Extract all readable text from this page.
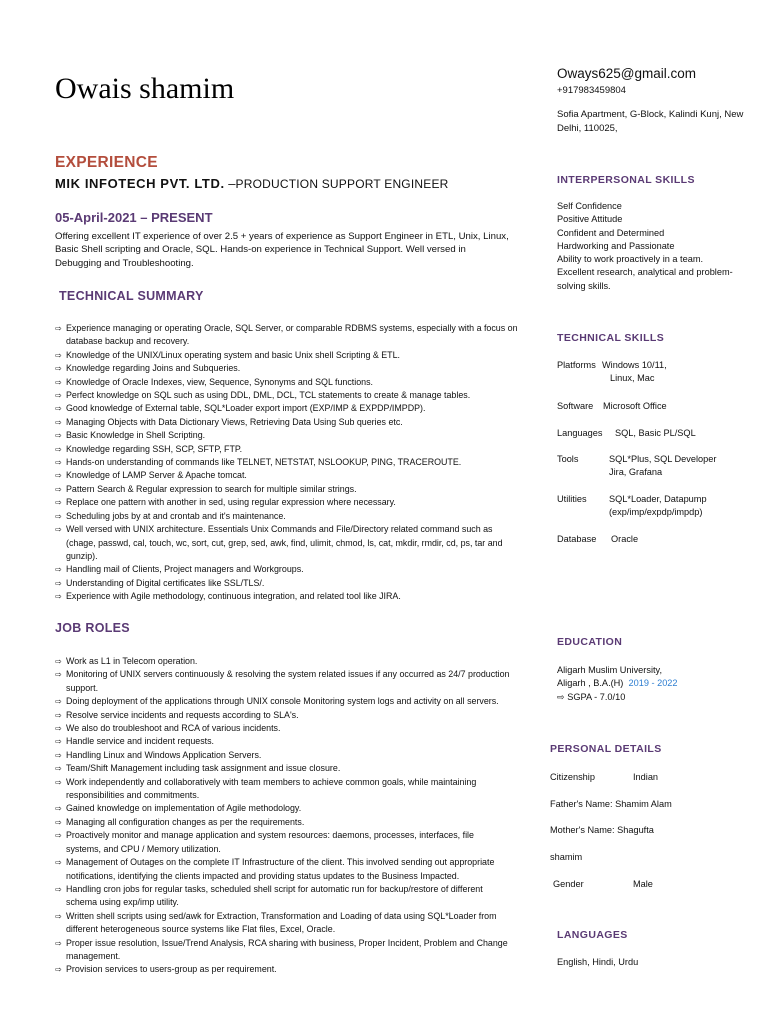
Owais shamim	Oways625@gmail.com
+917983459804
Sofia Apartment, G-Block, Kalindi Kunj, New Delhi, 110025,
EXPERIENCE
MIK INFOTECH PVT. LTD. –PRODUCTION SUPPORT ENGINEER
05-April-2021 – PRESENT
Offering excellent IT experience of over 2.5 + years of experience as Support Engineer in ETL, Unix, Linux, Basic Shell scripting and Oracle, SQL. Hands-on experience in Technical Support. Well versed in Debugging and Troubleshooting.
TECHNICAL SUMMARY
⇨ Experience managing or operating Oracle, SQL Server, or comparable RDBMS systems, especially with a focus on database backup and recovery.
⇨ Knowledge of the UNIX/Linux operating system and basic Unix shell Scripting & ETL.
⇨ Knowledge regarding Joins and Subqueries.
⇨ Knowledge of Oracle Indexes, view, Sequence, Synonyms and SQL functions.
⇨ Perfect knowledge on SQL such as using DDL, DML, DCL, TCL statements to create & manage tables.
⇨ Good knowledge of External table, SQL*Loader export import (EXP/IMP & EXPDP/IMPDP).
⇨ Managing Objects with Data Dictionary Views, Retrieving Data Using Sub queries etc.
⇨ Basic Knowledge in Shell Scripting.
⇨ Knowledge regarding SSH, SCP, SFTP, FTP.
⇨ Hands-on understanding of commands like TELNET, NETSTAT, NSLOOKUP, PING, TRACEROUTE.
⇨ Knowledge of LAMP Server & Apache tomcat.
⇨ Pattern Search & Regular expression to search for multiple similar strings.
⇨ Replace one pattern with another in sed, using regular expression where necessary.
⇨ Scheduling jobs by at and crontab and it's maintenance.
⇨ Well versed with UNIX architecture. Essentials Unix Commands and File/Directory related command such as (chage, passwd, cal, touch, wc, sort, cut, grep, sed, awk, find, ulimit, chmod, ls, cat, mkdir, rmdir, cd, ps, tar and gunzip).
⇨ Handling mail of Clients, Project managers and Workgroups.
⇨ Understanding of Digital certificates like SSL/TLS/.
⇨ Experience with Agile methodology, continuous integration, and related tool like JIRA.
JOB ROLES
⇨ Work as L1 in Telecom operation.
⇨ Monitoring of UNIX servers continuously & resolving the system related issues if any occurred as 24/7 production support.
⇨ Doing deployment of the applications through UNIX console Monitoring system logs and activity on all servers.
⇨ Resolve service incidents and requests according to SLA's.
⇨ We also do troubleshoot and RCA of various incidents.
⇨ Handle service and incident requests.
⇨ Handling Linux and Windows Application Servers.
⇨ Team/Shift Management including task assignment and issue closure.
⇨ Work independently and collaboratively with team members to achieve common goals, while maintaining responsibilities and commitments.
⇨ Gained knowledge on implementation of Agile methodology.
⇨ Managing all configuration changes as per the requirements.
⇨ Proactively monitor and manage application and system resources: daemons, processes, interfaces, file systems, and CPU / Memory utilization.
⇨ Management of Outages on the complete IT Infrastructure of the client. This involved sending out appropriate notifications, identifying the clients impacted and providing status updates to the Business Impacted.
⇨ Handling cron jobs for regular tasks, scheduled shell script for automatic run for backup/restore of different schema using exp/imp utility.
⇨ Written shell scripts using sed/awk for Extraction, Transformation and Loading of data using SQL*Loader from different heterogeneous source systems like Flat files, Excel, Oracle.
⇨ Proper issue resolution, Issue/Trend Analysis, RCA sharing with business, Proper Incident, Problem and Change management.
⇨ Provision services to users-group as per requirement.
INTERPERSONAL SKILLS
Self Confidence
Positive Attitude
Confident and Determined
Hardworking and Passionate
Ability to work proactively in a team.
Excellent research, analytical and problem-solving skills.
TECHNICAL SKILLS
Platforms Windows 10/11,
Linux, Mac
Software Microsoft Office
Languages SQL, Basic PL/SQL
Tools	SQL*Plus, SQL Developer
Jira, Grafana
Utilities SQL*Loader, Datapump
(exp/imp/expdp/impdp)
Database Oracle
EDUCATION
Aligarh Muslim University,
Aligarh , B.A.(H) 2019 - 2022
⇨ SGPA - 7.0/10
PERSONAL DETAILS
Citizenship	Indian
Father's Name: Shamim Alam
Mother's Name: Shagufta
shamim
Gender	Male
LANGUAGES
English, Hindi, Urdu
